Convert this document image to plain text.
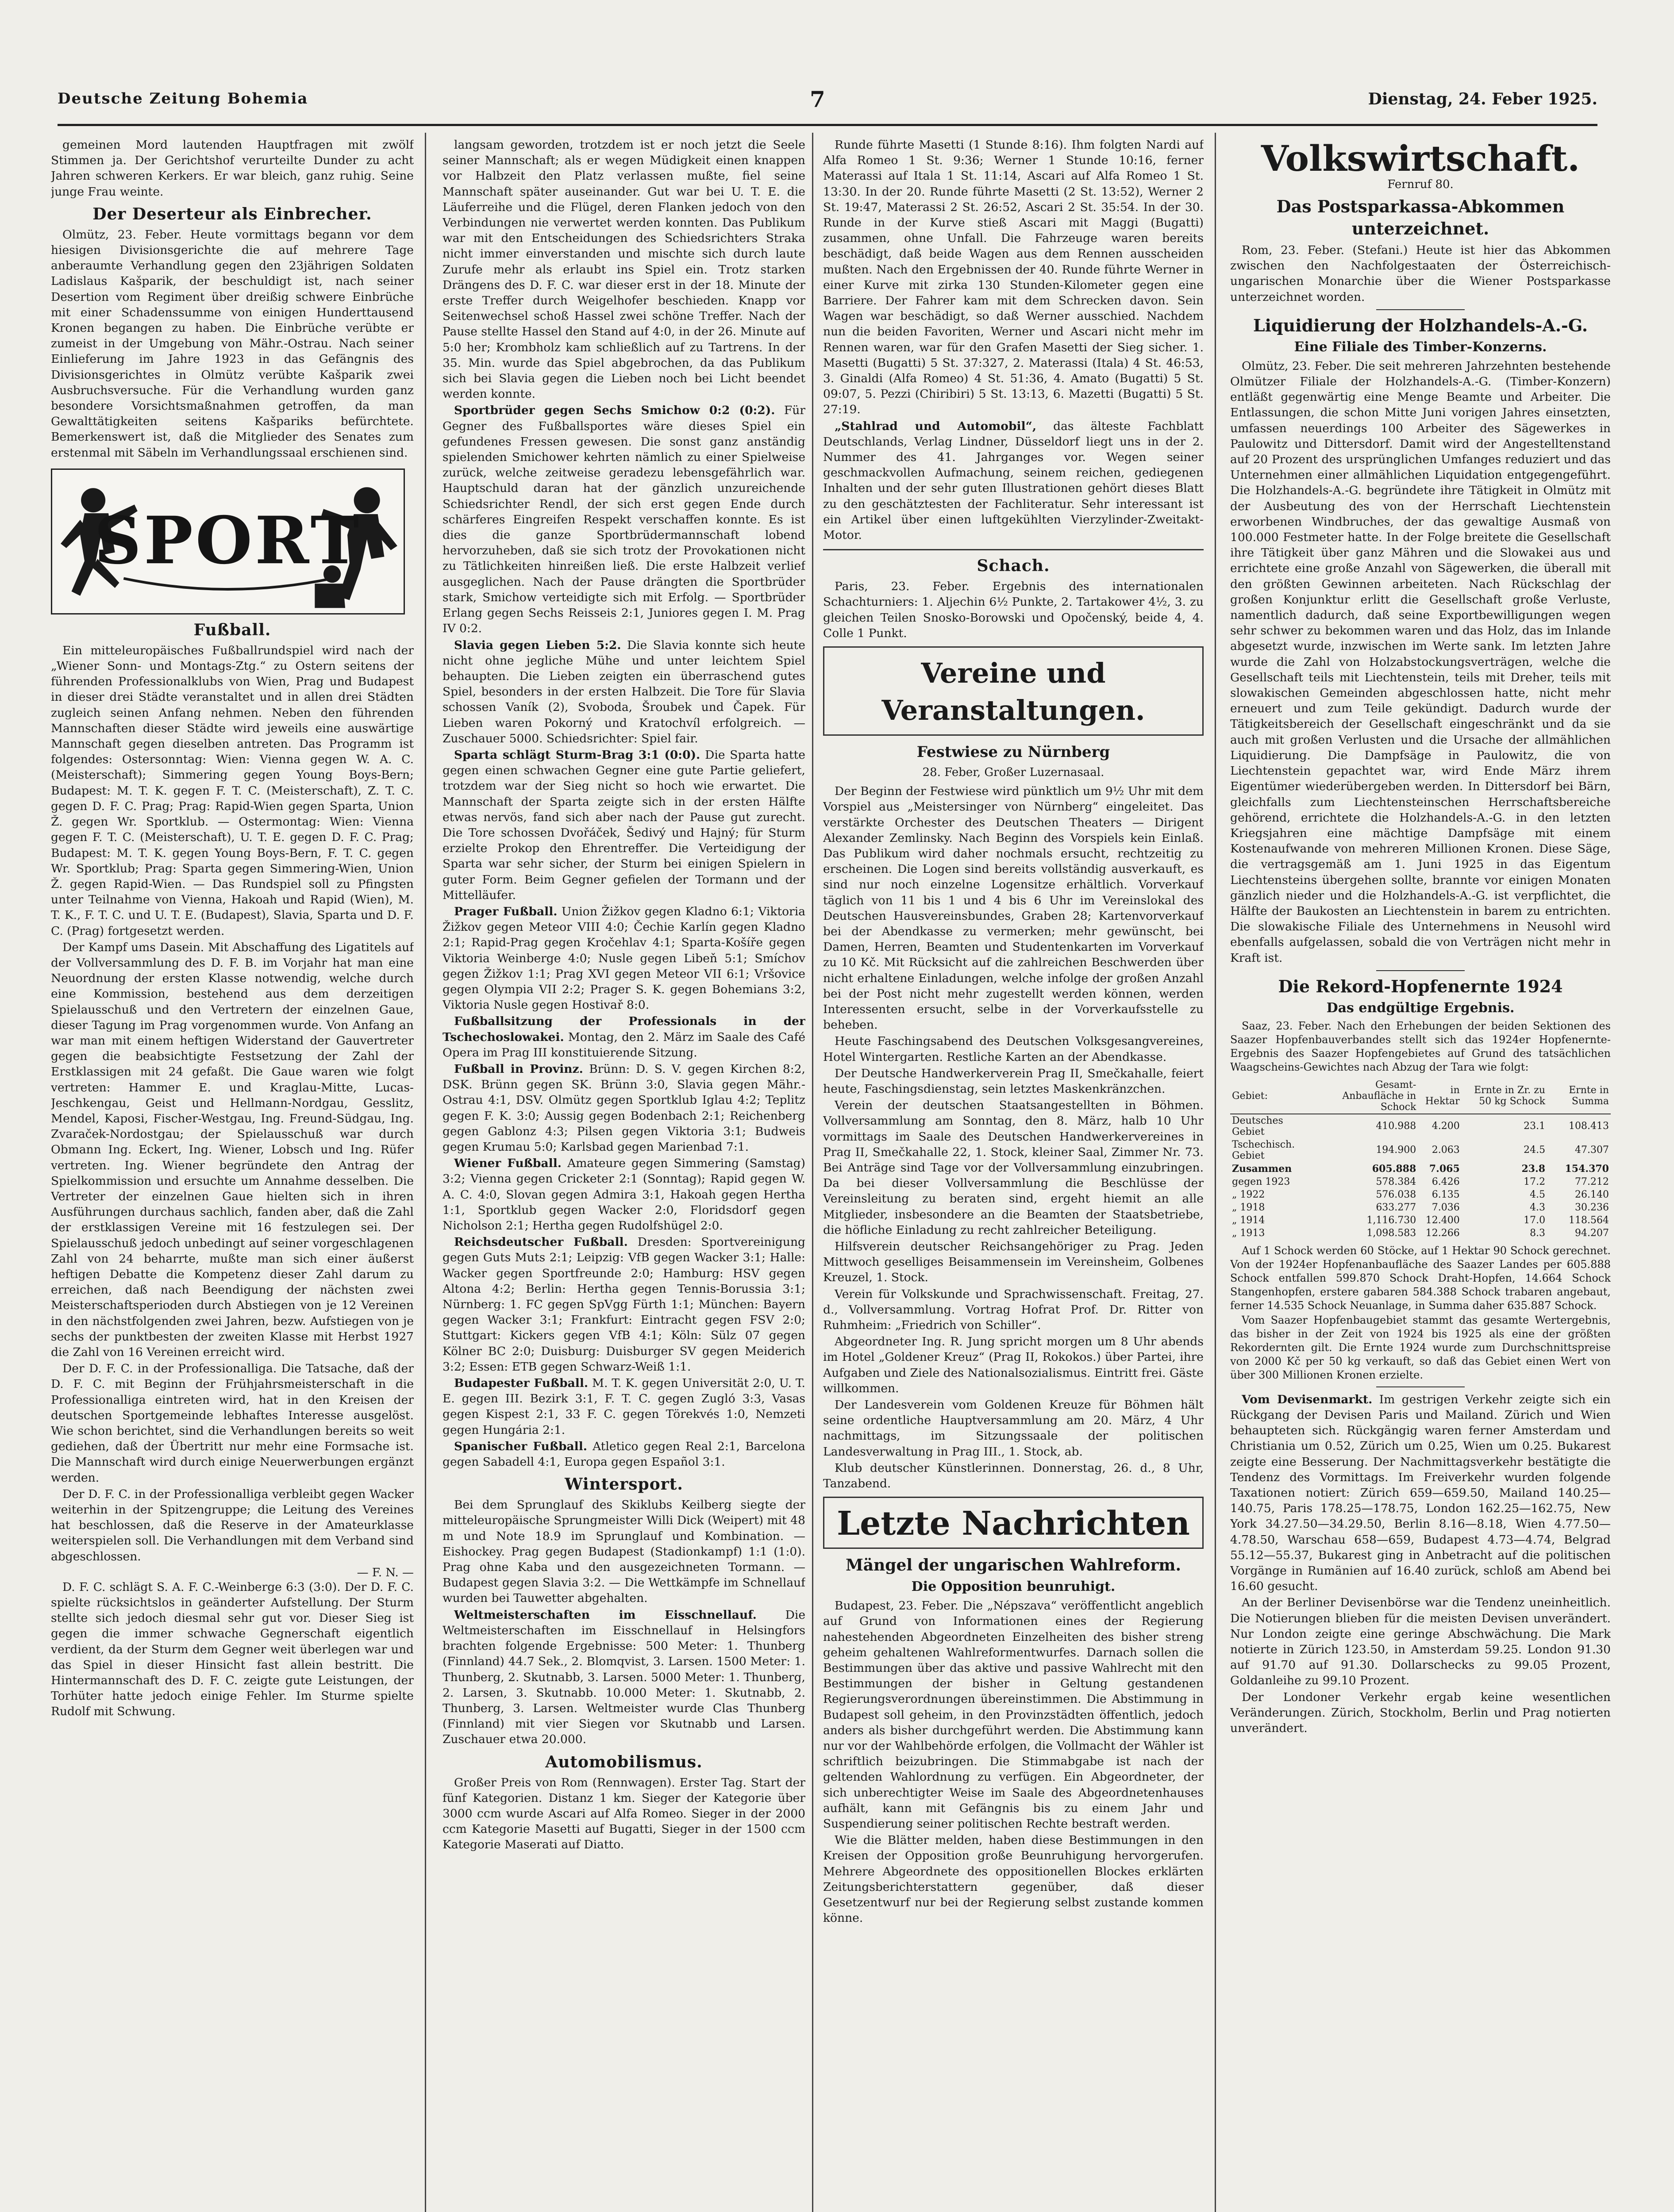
Deutsche Zeitung Bohemia	7	Dienstag, 24. Feber 1925.

gemeinen Mord lautenden Hauptfragen mit zwölf Stimmen ja. Der Gerichtshof verurteilte Dunder zu acht Jahren schweren Kerkers. Er war bleich, ganz ruhig. Seine junge Frau weinte.

Der Deserteur als Einbrecher.

Olmütz, 23. Feber. Heute vormittags begann vor dem hiesigen Divisionsgerichte die auf mehrere Tage anberaumte Verhandlung gegen den 23jährigen Soldaten Ladislaus Kašparik, der beschuldigt ist, nach seiner Desertion vom Regiment über dreißig schwere Einbrüche mit einer Schadenssumme von einigen Hunderttausend Kronen begangen zu haben. Die Einbrüche verübte er zumeist in der Umgebung von Mähr.-Ostrau. Nach seiner Einlieferung im Jahre 1923 in das Gefängnis des Divisionsgerichtes in Olmütz verübte Kašparik zwei Ausbruchsversuche. Für die Verhandlung wurden ganz besondere Vorsichtsmaßnahmen getroffen, da man Gewalttätigkeiten seitens Kašpariks befürchtete. Bemerkenswert ist, daß die Mitglieder des Senates zum erstenmal mit Säbeln im Verhandlungssaal erschienen sind.

SPORT
Fußball.

Ein mitteleuropäisches Fußballrundspiel wird nach der „Wiener Sonn- und Montags-Ztg.“ zu Ostern seitens der führenden Professionalklubs von Wien, Prag und Budapest in dieser drei Städte veranstaltet und in allen drei Städten zugleich seinen Anfang nehmen. Neben den führenden Mannschaften dieser Städte wird jeweils eine auswärtige Mannschaft gegen dieselben antreten. Das Programm ist folgendes: Ostersonntag: Wien: Vienna gegen W. A. C. (Meisterschaft); Simmering gegen Young Boys-Bern; Budapest: M. T. K. gegen F. T. C. (Meisterschaft), Z. T. C. gegen D. F. C. Prag; Prag: Rapid-Wien gegen Sparta, Union Ž. gegen Wr. Sportklub. — Ostermontag: Wien: Vienna gegen F. T. C. (Meisterschaft), U. T. E. gegen D. F. C. Prag; Budapest: M. T. K. gegen Young Boys-Bern, F. T. C. gegen Wr. Sportklub; Prag: Sparta gegen Simmering-Wien, Union Ž. gegen Rapid-Wien. — Das Rundspiel soll zu Pfingsten unter Teilnahme von Vienna, Hakoah und Rapid (Wien), M. T. K., F. T. C. und U. T. E. (Budapest), Slavia, Sparta und D. F. C. (Prag) fortgesetzt werden.

Der Kampf ums Dasein. Mit Abschaffung des Ligatitels auf der Vollversammlung des D. F. B. im Vorjahr hat man eine Neuordnung der ersten Klasse notwendig, welche durch eine Kommission, bestehend aus dem derzeitigen Spielausschuß und den Vertretern der einzelnen Gaue, dieser Tagung im Prag vorgenommen wurde. Von Anfang an war man mit einem heftigen Widerstand der Gauvertreter gegen die beabsichtigte Festsetzung der Zahl der Erstklassigen mit 24 gefaßt. Die Gaue waren wie folgt vertreten: Hammer E. und Kraglau-Mitte, Lucas-Jeschkengau, Geist und Hellmann-Nordgau, Gesslitz, Mendel, Kaposi, Fischer-Westgau, Ing. Freund-Südgau, Ing. Zvaraček-Nordostgau; der Spielausschuß war durch Obmann Ing. Eckert, Ing. Wiener, Lobsch und Ing. Rüfer vertreten. Ing. Wiener begründete den Antrag der Spielkommission und ersuchte um Annahme desselben. Die Vertreter der einzelnen Gaue hielten sich in ihren Ausführungen durchaus sachlich, fanden aber, daß die Zahl der erstklassigen Vereine mit 16 festzulegen sei. Der Spielausschuß jedoch unbedingt auf seiner vorgeschlagenen Zahl von 24 beharrte, mußte man sich einer äußerst heftigen Debatte die Kompetenz dieser Zahl darum zu erreichen, daß nach Beendigung der nächsten zwei Meisterschaftsperioden durch Abstiegen von je 12 Vereinen in den nächstfolgenden zwei Jahren, bezw. Aufstiegen von je sechs der punktbesten der zweiten Klasse mit Herbst 1927 die Zahl von 16 Vereinen erreicht wird.

Der D. F. C. in der Professionalliga. Die Tatsache, daß der D. F. C. mit Beginn der Frühjahrsmeisterschaft in die Professionalliga eintreten wird, hat in den Kreisen der deutschen Sportgemeinde lebhaftes Interesse ausgelöst. Wie schon berichtet, sind die Verhandlungen bereits so weit gediehen, daß der Übertritt nur mehr eine Formsache ist. Die Mannschaft wird durch einige Neuerwerbungen ergänzt werden.

Der D. F. C. in der Professionalliga verbleibt gegen Wacker weiterhin in der Spitzengruppe; die Leitung des Vereines hat beschlossen, daß die Reserve in der Amateurklasse weiterspielen soll. Die Verhandlungen mit dem Verband sind abgeschlossen.

— F. N. —

D. F. C. schlägt S. A. F. C.-Weinberge 6:3 (3:0). Der D. F. C. spielte rücksichtslos in geänderter Aufstellung. Der Sturm stellte sich jedoch diesmal sehr gut vor. Dieser Sieg ist gegen die immer schwache Gegnerschaft eigentlich verdient, da der Sturm dem Gegner weit überlegen war und das Spiel in dieser Hinsicht fast allein bestritt. Die Hintermannschaft des D. F. C. zeigte gute Leistungen, der Torhüter hatte jedoch einige Fehler. Im Sturme spielte Rudolf mit Schwung.

langsam geworden, trotzdem ist er noch jetzt die Seele seiner Mannschaft; als er wegen Müdigkeit einen knappen vor Halbzeit den Platz verlassen mußte, fiel seine Mannschaft später auseinander. Gut war bei U. T. E. die Läuferreihe und die Flügel, deren Flanken jedoch von den Verbindungen nie verwertet werden konnten. Das Publikum war mit den Entscheidungen des Schiedsrichters Straka nicht immer einverstanden und mischte sich durch laute Zurufe mehr als erlaubt ins Spiel ein. Trotz starken Drängens des D. F. C. war dieser erst in der 18. Minute der erste Treffer durch Weigelhofer beschieden. Knapp vor Seitenwechsel schoß Hassel zwei schöne Treffer. Nach der Pause stellte Hassel den Stand auf 4:0, in der 26. Minute auf 5:0 her; Krombholz kam schließlich auf zu Tartrens. In der 35. Min. wurde das Spiel abgebrochen, da das Publikum sich bei Slavia gegen die Lieben noch bei Licht beendet werden konnte.

Sportbrüder gegen Sechs Smichow 0:2 (0:2). Für Gegner des Fußballsportes wäre dieses Spiel ein gefundenes Fressen gewesen. Die sonst ganz anständig spielenden Smichower kehrten nämlich zu einer Spielweise zurück, welche zeitweise geradezu lebensgefährlich war. Hauptschuld daran hat der gänzlich unzureichende Schiedsrichter Rendl, der sich erst gegen Ende durch schärferes Eingreifen Respekt verschaffen konnte. Es ist dies die ganze Sportbrüdermannschaft lobend hervorzuheben, daß sie sich trotz der Provokationen nicht zu Tätlichkeiten hinreißen ließ. Die erste Halbzeit verlief ausgeglichen. Nach der Pause drängten die Sportbrüder stark, Smichow verteidigte sich mit Erfolg. — Sportbrüder Erlang gegen Sechs Reisseis 2:1, Juniores gegen I. M. Prag IV 0:2.

Slavia gegen Lieben 5:2. Die Slavia konnte sich heute nicht ohne jegliche Mühe und unter leichtem Spiel behaupten. Die Lieben zeigten ein überraschend gutes Spiel, besonders in der ersten Halbzeit. Die Tore für Slavia schossen Vaník (2), Svoboda, Šroubek und Čapek. Für Lieben waren Pokorný und Kratochvíl erfolgreich. — Zuschauer 5000. Schiedsrichter: Spiel fair.

Sparta schlägt Sturm-Brag 3:1 (0:0). Die Sparta hatte gegen einen schwachen Gegner eine gute Partie geliefert, trotzdem war der Sieg nicht so hoch wie erwartet. Die Mannschaft der Sparta zeigte sich in der ersten Hälfte etwas nervös, fand sich aber nach der Pause gut zurecht. Die Tore schossen Dvořáček, Šedivý und Hajný; für Sturm erzielte Prokop den Ehrentreffer. Die Verteidigung der Sparta war sehr sicher, der Sturm bei einigen Spielern in guter Form. Beim Gegner gefielen der Tormann und der Mittelläufer.

Prager Fußball. Union Žižkov gegen Kladno 6:1; Viktoria Žižkov gegen Meteor VIII 4:0; Čechie Karlín gegen Kladno 2:1; Rapid-Prag gegen Kročehlav 4:1; Sparta-Košíře gegen Viktoria Weinberge 4:0; Nusle gegen Libeň 5:1; Smíchov gegen Žižkov 1:1; Prag XVI gegen Meteor VII 6:1; Vršovice gegen Olympia VII 2:2; Prager S. K. gegen Bohemians 3:2, Viktoria Nusle gegen Hostivař 8:0.

Fußballsitzung der Professionals in der Tschechoslowakei. Montag, den 2. März im Saale des Café Opera im Prag III konstituierende Sitzung.

Fußball in Provinz. Brünn: D. S. V. gegen Kirchen 8:2, DSK. Brünn gegen SK. Brünn 3:0, Slavia gegen Mähr.-Ostrau 4:1, DSV. Olmütz gegen Sportklub Iglau 4:2; Teplitz gegen F. K. 3:0; Aussig gegen Bodenbach 2:1; Reichenberg gegen Gablonz 4:3; Pilsen gegen Viktoria 3:1; Budweis gegen Krumau 5:0; Karlsbad gegen Marienbad 7:1.

Wiener Fußball. Amateure gegen Simmering (Samstag) 3:2; Vienna gegen Cricketer 2:1 (Sonntag); Rapid gegen W. A. C. 4:0, Slovan gegen Admira 3:1, Hakoah gegen Hertha 1:1, Sportklub gegen Wacker 2:0, Floridsdorf gegen Nicholson 2:1; Hertha gegen Rudolfshügel 2:0.

Reichsdeutscher Fußball. Dresden: Sportvereinigung gegen Guts Muts 2:1; Leipzig: VfB gegen Wacker 3:1; Halle: Wacker gegen Sportfreunde 2:0; Hamburg: HSV gegen Altona 4:2; Berlin: Hertha gegen Tennis-Borussia 3:1; Nürnberg: 1. FC gegen SpVgg Fürth 1:1; München: Bayern gegen Wacker 3:1; Frankfurt: Eintracht gegen FSV 2:0; Stuttgart: Kickers gegen VfB 4:1; Köln: Sülz 07 gegen Kölner BC 2:0; Duisburg: Duisburger SV gegen Meiderich 3:2; Essen: ETB gegen Schwarz-Weiß 1:1.

Budapester Fußball. M. T. K. gegen Universität 2:0, U. T. E. gegen III. Bezirk 3:1, F. T. C. gegen Zugló 3:3, Vasas gegen Kispest 2:1, 33 F. C. gegen Törekvés 1:0, Nemzeti gegen Hungária 2:1.

Spanischer Fußball. Atletico gegen Real 2:1, Barcelona gegen Sabadell 4:1, Europa gegen Español 3:1.

Wintersport.

Bei dem Sprunglauf des Skiklubs Keilberg siegte der mitteleuropäische Sprungmeister Willi Dick (Weipert) mit 48 m und Note 18.9 im Sprunglauf und Kombination. — Eishockey. Prag gegen Budapest (Stadionkampf) 1:1 (1:0). Prag ohne Kaba und den ausgezeichneten Tormann. — Budapest gegen Slavia 3:2. — Die Wettkämpfe im Schnellauf wurden bei Tauwetter abgehalten.

Weltmeisterschaften im Eisschnellauf. Die Weltmeisterschaften im Eisschnellauf in Helsingfors brachten folgende Ergebnisse: 500 Meter: 1. Thunberg (Finnland) 44.7 Sek., 2. Blomqvist, 3. Larsen. 1500 Meter: 1. Thunberg, 2. Skutnabb, 3. Larsen. 5000 Meter: 1. Thunberg, 2. Larsen, 3. Skutnabb. 10.000 Meter: 1. Skutnabb, 2. Thunberg, 3. Larsen. Weltmeister wurde Clas Thunberg (Finnland) mit vier Siegen vor Skutnabb und Larsen. Zuschauer etwa 20.000.

Automobilismus.

Großer Preis von Rom (Rennwagen). Erster Tag. Start der fünf Kategorien. Distanz 1 km. Sieger der Kategorie über 3000 ccm wurde Ascari auf Alfa Romeo. Sieger in der 2000 ccm Kategorie Masetti auf Bugatti, Sieger in der 1500 ccm Kategorie Maserati auf Diatto.

Runde führte Masetti (1 Stunde 8:16). Ihm folgten Nardi auf Alfa Romeo 1 St. 9:36; Werner 1 Stunde 10:16, ferner Materassi auf Itala 1 St. 11:14, Ascari auf Alfa Romeo 1 St. 13:30. In der 20. Runde führte Masetti (2 St. 13:52), Werner 2 St. 19:47, Materassi 2 St. 26:52, Ascari 2 St. 35:54. In der 30. Runde in der Kurve stieß Ascari mit Maggi (Bugatti) zusammen, ohne Unfall. Die Fahrzeuge waren bereits beschädigt, daß beide Wagen aus dem Rennen ausscheiden mußten. Nach den Ergebnissen der 40. Runde führte Werner in einer Kurve mit zirka 130 Stunden-Kilometer gegen eine Barriere. Der Fahrer kam mit dem Schrecken davon. Sein Wagen war beschädigt, so daß Werner ausschied. Nachdem nun die beiden Favoriten, Werner und Ascari nicht mehr im Rennen waren, war für den Grafen Masetti der Sieg sicher. 1. Masetti (Bugatti) 5 St. 37:327, 2. Materassi (Itala) 4 St. 46:53, 3. Ginaldi (Alfa Romeo) 4 St. 51:36, 4. Amato (Bugatti) 5 St. 09:07, 5. Pezzi (Chiribiri) 5 St. 13:13, 6. Mazetti (Bugatti) 5 St. 27:19.

„Stahlrad und Automobil“, das älteste Fachblatt Deutschlands, Verlag Lindner, Düsseldorf liegt uns in der 2. Nummer des 41. Jahrganges vor. Wegen seiner geschmackvollen Aufmachung, seinem reichen, gediegenen Inhalten und der sehr guten Illustrationen gehört dieses Blatt zu den geschätztesten der Fachliteratur. Sehr interessant ist ein Artikel über einen luftgekühlten Vierzylinder-Zweitakt-Motor.

Schach.

Paris, 23. Feber. Ergebnis des internationalen Schachturniers: 1. Aljechin 6½ Punkte, 2. Tartakower 4½, 3. zu gleichen Teilen Snosko-Borowski und Opočenský, beide 4, 4. Colle 1 Punkt.

Vereine und Veranstaltungen.
Festwiese zu Nürnberg
28. Feber, Großer Luzernasaal.

Der Beginn der Festwiese wird pünktlich um 9½ Uhr mit dem Vorspiel aus „Meistersinger von Nürnberg“ eingeleitet. Das verstärkte Orchester des Deutschen Theaters — Dirigent Alexander Zemlinsky. Nach Beginn des Vorspiels kein Einlaß. Das Publikum wird daher nochmals ersucht, rechtzeitig zu erscheinen. Die Logen sind bereits vollständig ausverkauft, es sind nur noch einzelne Logensitze erhältlich. Vorverkauf täglich von 11 bis 1 und 4 bis 6 Uhr im Vereinslokal des Deutschen Hausvereinsbundes, Graben 28; Kartenvorverkauf bei der Abendkasse zu vermerken; mehr gewünscht, bei Damen, Herren, Beamten und Studentenkarten im Vorverkauf zu 10 Kč. Mit Rücksicht auf die zahlreichen Beschwerden über nicht erhaltene Einladungen, welche infolge der großen Anzahl bei der Post nicht mehr zugestellt werden können, werden Interessenten ersucht, selbe in der Vorverkaufsstelle zu beheben.

Heute Faschingsabend des Deutschen Volksgesangvereines, Hotel Wintergarten. Restliche Karten an der Abendkasse.

Der Deutsche Handwerkerverein Prag II, Smečkahalle, feiert heute, Faschingsdienstag, sein letztes Maskenkränzchen.

Verein der deutschen Staatsangestellten in Böhmen. Vollversammlung am Sonntag, den 8. März, halb 10 Uhr vormittags im Saale des Deutschen Handwerkervereines in Prag II, Smečkahalle 22, 1. Stock, kleiner Saal, Zimmer Nr. 73. Bei Anträge sind Tage vor der Vollversammlung einzubringen. Da bei dieser Vollversammlung die Beschlüsse der Vereinsleitung zu beraten sind, ergeht hiemit an alle Mitglieder, insbesondere an die Beamten der Staatsbetriebe, die höfliche Einladung zu recht zahlreicher Beteiligung.

Hilfsverein deutscher Reichsangehöriger zu Prag. Jeden Mittwoch geselliges Beisammensein im Vereinsheim, Golbenes Kreuzel, 1. Stock.

Verein für Volkskunde und Sprachwissenschaft. Freitag, 27. d., Vollversammlung. Vortrag Hofrat Prof. Dr. Ritter von Ruhmheim: „Friedrich von Schiller“.

Abgeordneter Ing. R. Jung spricht morgen um 8 Uhr abends im Hotel „Goldener Kreuz“ (Prag II, Rokokos.) über Partei, ihre Aufgaben und Ziele des Nationalsozialismus. Eintritt frei. Gäste willkommen.

Der Landesverein vom Goldenen Kreuze für Böhmen hält seine ordentliche Hauptversammlung am 20. März, 4 Uhr nachmittags, im Sitzungssaale der politischen Landesverwaltung in Prag III., 1. Stock, ab.

Klub deutscher Künstlerinnen. Donnerstag, 26. d., 8 Uhr, Tanzabend.

Letzte Nachrichten
Mängel der ungarischen Wahlreform.
Die Opposition beunruhigt.

Budapest, 23. Feber. Die „Népszava“ veröffentlicht angeblich auf Grund von Informationen eines der Regierung nahestehenden Abgeordneten Einzelheiten des bisher streng geheim gehaltenen Wahlreformentwurfes. Darnach sollen die Bestimmungen über das aktive und passive Wahlrecht mit den Bestimmungen der bisher in Geltung gestandenen Regierungsverordnungen übereinstimmen. Die Abstimmung in Budapest soll geheim, in den Provinzstädten öffentlich, jedoch anders als bisher durchgeführt werden. Die Abstimmung kann nur vor der Wahlbehörde erfolgen, die Vollmacht der Wähler ist schriftlich beizubringen. Die Stimmabgabe ist nach der geltenden Wahlordnung zu verfügen. Ein Abgeordneter, der sich unberechtigter Weise im Saale des Abgeordnetenhauses aufhält, kann mit Gefängnis bis zu einem Jahr und Suspendierung seiner politischen Rechte bestraft werden.

Wie die Blätter melden, haben diese Bestimmungen in den Kreisen der Opposition große Beunruhigung hervorgerufen. Mehrere Abgeordnete des oppositionellen Blockes erklärten Zeitungsberichterstattern gegenüber, daß dieser Gesetzentwurf nur bei der Regierung selbst zustande kommen könne.

Volkswirtschaft.
Fernruf 80.
Das Postsparkassa-Abkommen unterzeichnet.

Rom, 23. Feber. (Stefani.) Heute ist hier das Abkommen zwischen den Nachfolgestaaten der Österreichisch-ungarischen Monarchie über die Wiener Postsparkasse unterzeichnet worden.

Liquidierung der Holzhandels-A.-G.
Eine Filiale des Timber-Konzerns.

Olmütz, 23. Feber. Die seit mehreren Jahrzehnten bestehende Olmützer Filiale der Holzhandels-A.-G. (Timber-Konzern) entläßt gegenwärtig eine Menge Beamte und Arbeiter. Die Entlassungen, die schon Mitte Juni vorigen Jahres einsetzten, umfassen neuerdings 100 Arbeiter des Sägewerkes in Paulowitz und Dittersdorf. Damit wird der Angestelltenstand auf 20 Prozent des ursprünglichen Umfanges reduziert und das Unternehmen einer allmählichen Liquidation entgegengeführt. Die Holzhandels-A.-G. begründete ihre Tätigkeit in Olmütz mit der Ausbeutung des von der Herrschaft Liechtenstein erworbenen Windbruches, der das gewaltige Ausmaß von 100.000 Festmeter hatte. In der Folge breitete die Gesellschaft ihre Tätigkeit über ganz Mähren und die Slowakei aus und errichtete eine große Anzahl von Sägewerken, die überall mit den größten Gewinnen arbeiteten. Nach Rückschlag der großen Konjunktur erlitt die Gesellschaft große Verluste, namentlich dadurch, daß seine Exportbewilligungen wegen sehr schwer zu bekommen waren und das Holz, das im Inlande abgesetzt wurde, inzwischen im Werte sank. Im letzten Jahre wurde die Zahl von Holzabstockungsverträgen, welche die Gesellschaft teils mit Liechtenstein, teils mit Dreher, teils mit slowakischen Gemeinden abgeschlossen hatte, nicht mehr erneuert und zum Teile gekündigt. Dadurch wurde der Tätigkeitsbereich der Gesellschaft eingeschränkt und da sie auch mit großen Verlusten und die Ursache der allmählichen Liquidierung. Die Dampfsäge in Paulowitz, die von Liechtenstein gepachtet war, wird Ende März ihrem Eigentümer wiederübergeben werden. In Dittersdorf bei Bärn, gleichfalls zum Liechtensteinschen Herrschaftsbereiche gehörend, errichtete die Holzhandels-A.-G. in den letzten Kriegsjahren eine mächtige Dampfsäge mit einem Kostenaufwande von mehreren Millionen Kronen. Diese Säge, die vertragsgemäß am 1. Juni 1925 in das Eigentum Liechtensteins übergehen sollte, brannte vor einigen Monaten gänzlich nieder und die Holzhandels-A.-G. ist verpflichtet, die Hälfte der Baukosten an Liechtenstein in barem zu entrichten. Die slowakische Filiale des Unternehmens in Neusohl wird ebenfalls aufgelassen, sobald die von Verträgen nicht mehr in Kraft ist.

Die Rekord-Hopfenernte 1924
Das endgültige Ergebnis.

Saaz, 23. Feber. Nach den Erhebungen der beiden Sektionen des Saazer Hopfenbauverbandes stellt sich das 1924er Hopfenernte-Ergebnis des Saazer Hopfengebietes auf Grund des tatsächlichen Waagscheins-Gewichtes nach Abzug der Tara wie folgt:

Gebiet:	Gesamt-Anbaufläche in Schock	in Hektar	Ernte in Zr. zu 50 kg Schock	Ernte in Summa
Deutsches Gebiet	410.988	4.200	23.1	108.413
Tschechisch. Gebiet	194.900	2.063	24.5	47.307
Zusammen	605.888	7.065	23.8	154.370
gegen 1923	578.384	6.426	17.2	77.212
„ 1922	576.038	6.135	4.5	26.140
„ 1918	633.277	7.036	4.3	30.236
„ 1914	1,116.730	12.400	17.0	118.564
„ 1913	1,098.583	12.266	8.3	94.207

Auf 1 Schock werden 60 Stöcke, auf 1 Hektar 90 Schock gerechnet. Von der 1924er Hopfenanbaufläche des Saazer Landes per 605.888 Schock entfallen 599.870 Schock Draht-Hopfen, 14.664 Schock Stangenhopfen, erstere gabaren 584.388 Schock trabaren angebaut, ferner 14.535 Schock Neuanlage, in Summa daher 635.887 Schock.

Vom Saazer Hopfenbaugebiet stammt das gesamte Wertergebnis, das bisher in der Zeit von 1924 bis 1925 als eine der größten Rekordernten gilt. Die Ernte 1924 wurde zum Durchschnittspreise von 2000 Kč per 50 kg verkauft, so daß das Gebiet einen Wert von über 300 Millionen Kronen erzielte.

Vom Devisenmarkt. Im gestrigen Verkehr zeigte sich ein Rückgang der Devisen Paris und Mailand. Zürich und Wien behaupteten sich. Rückgängig waren ferner Amsterdam und Christiania um 0.52, Zürich um 0.25, Wien um 0.25. Bukarest zeigte eine Besserung. Der Nachmittagsverkehr bestätigte die Tendenz des Vormittags. Im Freiverkehr wurden folgende Taxationen notiert: Zürich 659—659.50, Mailand 140.25—140.75, Paris 178.25—178.75, London 162.25—162.75, New York 34.27.50—34.29.50, Berlin 8.16—8.18, Wien 4.77.50—4.78.50, Warschau 658—659, Budapest 4.73—4.74, Belgrad 55.12—55.37, Bukarest ging in Anbetracht auf die politischen Vorgänge in Rumänien auf 16.40 zurück, schloß am Abend bei 16.60 gesucht.

An der Berliner Devisenbörse war die Tendenz uneinheitlich. Die Notierungen blieben für die meisten Devisen unverändert. Nur London zeigte eine geringe Abschwächung. Die Mark notierte in Zürich 123.50, in Amsterdam 59.25. London 91.30 auf 91.70 auf 91.30. Dollarschecks zu 99.05 Prozent, Goldanleihe zu 99.10 Prozent.

Der Londoner Verkehr ergab keine wesentlichen Veränderungen. Zürich, Stockholm, Berlin und Prag notierten unverändert.
